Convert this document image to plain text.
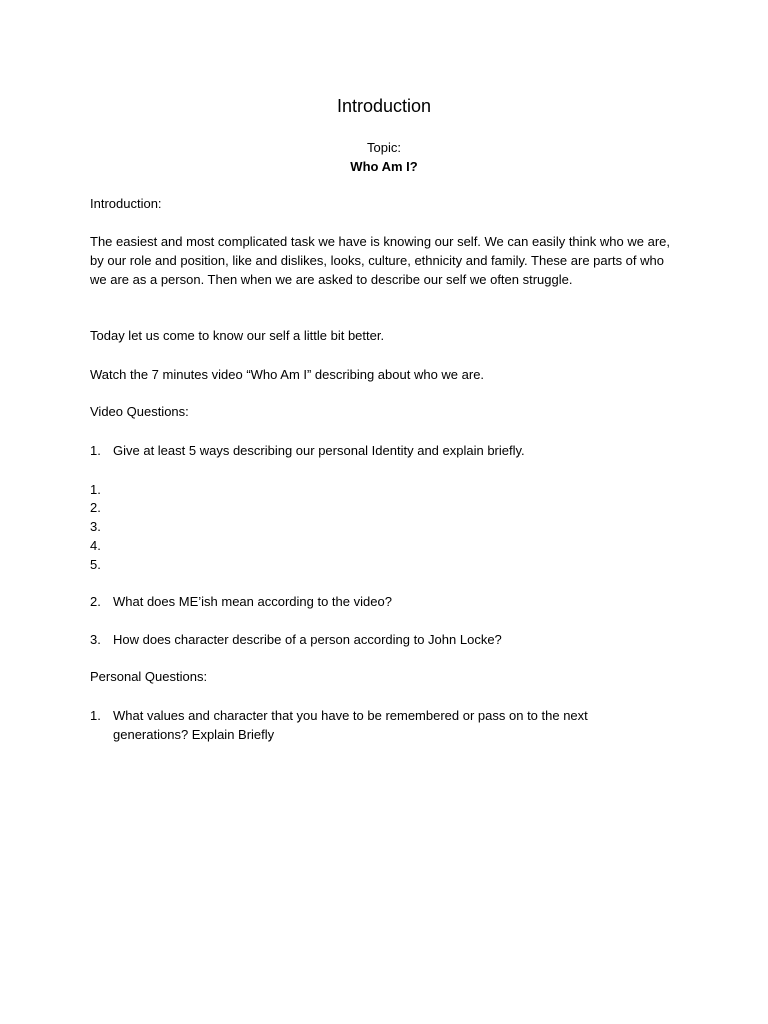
Introduction
Topic:
Who Am I?
Introduction:
The easiest and most complicated task we have is knowing our self. We can easily think who we are, by our role and position, like and dislikes, looks, culture, ethnicity and family. These are parts of who we are as a person. Then when we are asked to describe our self we often struggle.
Today let us come to know our self a little bit better.
Watch the 7 minutes video “Who Am I” describing about who we are.
Video Questions:
1. Give at least 5 ways describing our personal Identity and explain briefly.
1.
2.
3.
4.
5.
2. What does ME’ish mean according to the video?
3. How does character describe of a person according to John Locke?
Personal Questions:
1. What values and character that you have to be remembered or pass on to the next generations? Explain Briefly
